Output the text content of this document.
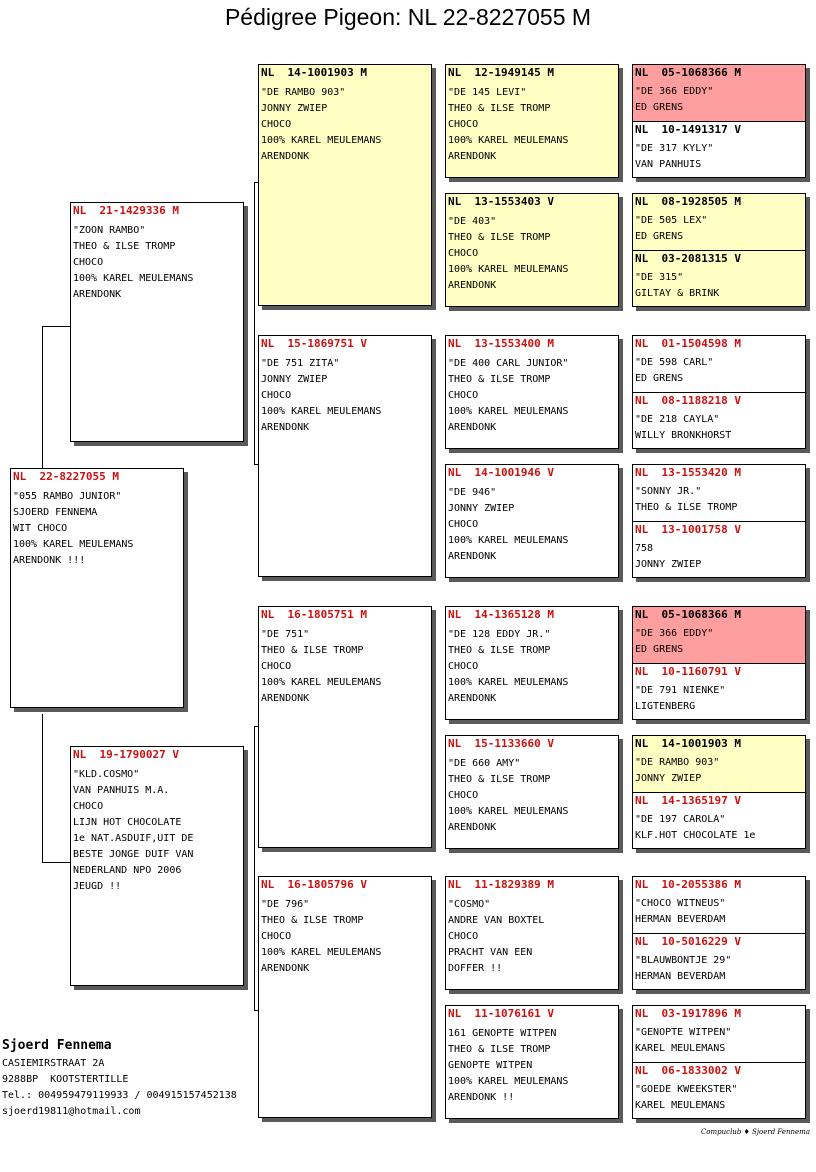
Pédigree Pigeon: NL 22-8227055 M
NL  22-8227055 M
"055 RAMBO JUNIOR"
SJOERD FENNEMA
WIT CHOCO
100% KAREL MEULEMANS
ARENDONK !!!
NL  21-1429336 M
"ZOON RAMBO"
THEO & ILSE TROMP
CHOCO
100% KAREL MEULEMANS
ARENDONK
NL  19-1790027 V
"KLD.COSMO"
VAN PANHUIS M.A.
CHOCO
LIJN HOT CHOCOLATE
1e NAT.ASDUIF,UIT DE
BESTE JONGE DUIF VAN
NEDERLAND NPO 2006
JEUGD !!
NL  14-1001903 M
"DE RAMBO 903"
JONNY ZWIEP
CHOCO
100% KAREL MEULEMANS
ARENDONK
NL  15-1869751 V
"DE 751 ZITA"
JONNY ZWIEP
CHOCO
100% KAREL MEULEMANS
ARENDONK
NL  16-1805751 M
"DE 751"
THEO & ILSE TROMP
CHOCO
100% KAREL MEULEMANS
ARENDONK
NL  16-1805796 V
"DE 796"
THEO & ILSE TROMP
CHOCO
100% KAREL MEULEMANS
ARENDONK
NL  12-1949145 M
"DE 145 LEVI"
THEO & ILSE TROMP
CHOCO
100% KAREL MEULEMANS
ARENDONK
NL  13-1553403 V
"DE 403"
THEO & ILSE TROMP
CHOCO
100% KAREL MEULEMANS
ARENDONK
NL  13-1553400 M
"DE 400 CARL JUNIOR"
THEO & ILSE TROMP
CHOCO
100% KAREL MEULEMANS
ARENDONK
NL  14-1001946 V
"DE 946"
JONNY ZWIEP
CHOCO
100% KAREL MEULEMANS
ARENDONK
NL  14-1365128 M
"DE 128 EDDY JR."
THEO & ILSE TROMP
CHOCO
100% KAREL MEULEMANS
ARENDONK
NL  15-1133660 V
"DE 660 AMY"
THEO & ILSE TROMP
CHOCO
100% KAREL MEULEMANS
ARENDONK
NL  11-1829389 M
"COSMO"
ANDRE VAN BOXTEL
CHOCO
PRACHT VAN EEN
DOFFER !!
NL  11-1076161 V
161 GENOPTE WITPEN
THEO & ILSE TROMP
GENOPTE WITPEN
100% KAREL MEULEMANS
ARENDONK !!
NL  05-1068366 M
"DE 366 EDDY"
ED GRENS
NL  10-1491317 V
"DE 317 KYLY"
VAN PANHUIS
NL  08-1928505 M
"DE 505 LEX"
ED GRENS
NL  03-2081315 V
"DE 315"
GILTAY & BRINK
NL  01-1504598 M
"DE 598 CARL"
ED GRENS
NL  08-1188218 V
"DE 218 CAYLA"
WILLY BRONKHORST
NL  13-1553420 M
"SONNY JR."
THEO & ILSE TROMP
NL  13-1001758 V
758
JONNY ZWIEP
NL  05-1068366 M
"DE 366 EDDY"
ED GRENS
NL  10-1160791 V
"DE 791 NIENKE"
LIGTENBERG
NL  14-1001903 M
"DE RAMBO 903"
JONNY ZWIEP
NL  14-1365197 V
"DE 197 CAROLA"
KLF.HOT CHOCOLATE 1e
NL  10-2055386 M
"CHOCO WITNEUS"
HERMAN BEVERDAM
NL  10-5016229 V
"BLAUWBONTJE 29"
HERMAN BEVERDAM
NL  03-1917896 M
"GENOPTE WITPEN"
KAREL MEULEMANS
NL  06-1833002 V
"GOEDE KWEEKSTER"
KAREL MEULEMANS
Sjoerd Fennema
CASIEMIRSTRAAT 2A
9288BP  KOOTSTERTILLE
Tel.: 004959479119933 / 004915157452138
sjoerd19811@hotmail.com
Compuclub ♦ Sjoerd Fennema
